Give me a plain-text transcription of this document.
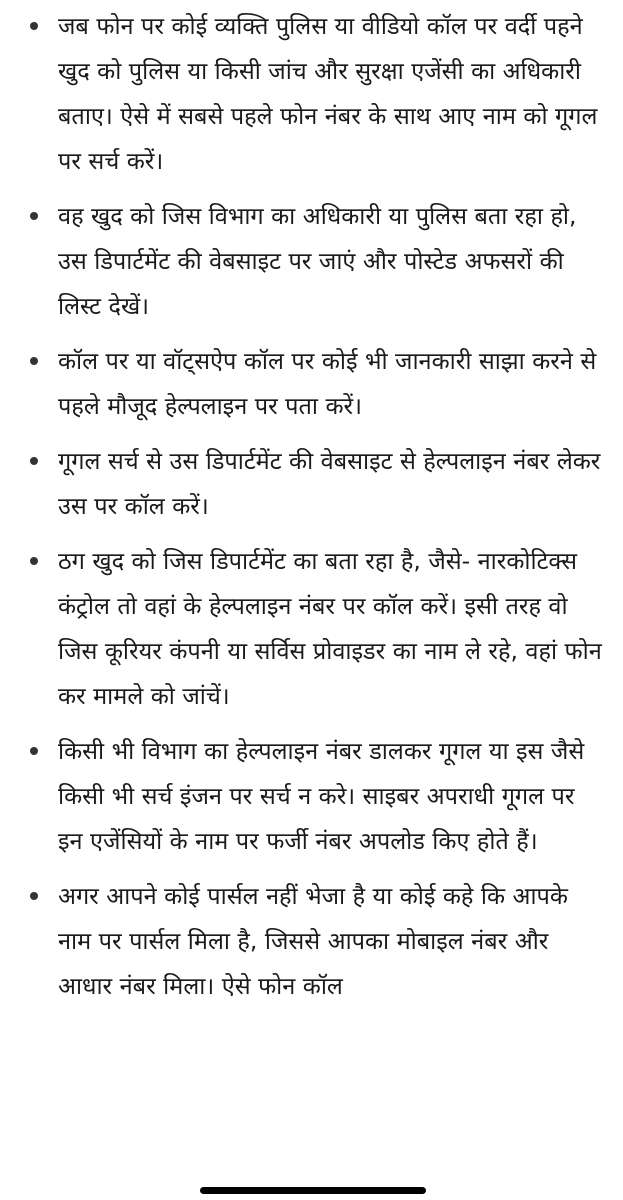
जब फोन पर कोई व्यक्ति पुलिस या वीडियो कॉल पर वर्दी पहने खुद को पुलिस या किसी जांच और सुरक्षा एजेंसी का अधिकारी बताए। ऐसे में सबसे पहले फोन नंबर के साथ आए नाम को गूगल पर सर्च करें।
वह खुद को जिस विभाग का अधिकारी या पुलिस बता रहा हो, उस डिपार्टमेंट की वेबसाइट पर जाएं और पोस्टेड अफसरों की लिस्ट देखें।
कॉल पर या वॉट्सऐप कॉल पर कोई भी जानकारी साझा करने से पहले मौजूद हेल्पलाइन पर पता करें।
गूगल सर्च से उस डिपार्टमेंट की वेबसाइट से हेल्पलाइन नंबर लेकर उस पर कॉल करें।
ठग खुद को जिस डिपार्टमेंट का बता रहा है, जैसे- नारकोटिक्स कंट्रोल तो वहां के हेल्पलाइन नंबर पर कॉल करें। इसी तरह वो जिस कूरियर कंपनी या सर्विस प्रोवाइडर का नाम ले रहे, वहां फोन कर मामले को जांचें।
किसी भी विभाग का हेल्पलाइन नंबर डालकर गूगल या इस जैसे किसी भी सर्च इंजन पर सर्च न करे। साइबर अपराधी गूगल पर इन एजेंसियों के नाम पर फर्जी नंबर अपलोड किए होते हैं।
अगर आपने कोई पार्सल नहीं भेजा है या कोई कहे कि आपके नाम पर पार्सल मिला है, जिससे आपका मोबाइल नंबर और आधार नंबर मिला। ऐसे फोन कॉल
